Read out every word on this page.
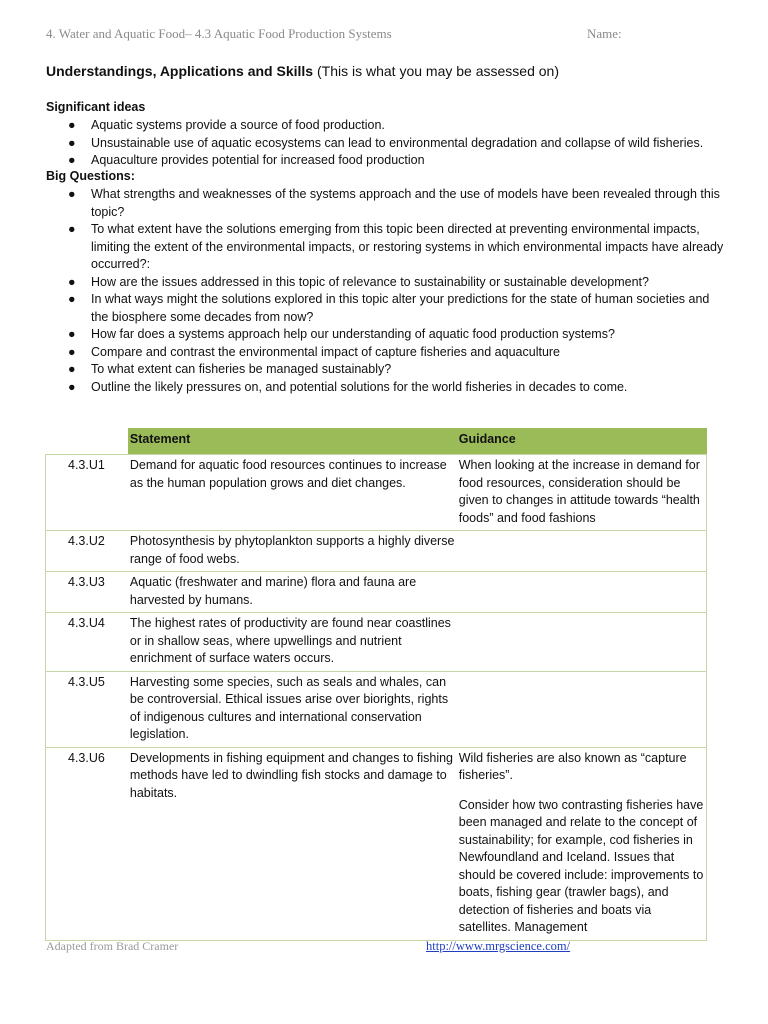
4. Water and Aquatic Food– 4.3 Aquatic Food Production Systems	Name:
Understandings, Applications and Skills (This is what you may be assessed on)
Significant ideas
● Aquatic systems provide a source of food production.
● Unsustainable use of aquatic ecosystems can lead to environmental degradation and collapse of wild fisheries.
● Aquaculture provides potential for increased food production
Big Questions:
● What strengths and weaknesses of the systems approach and the use of models have been revealed through this topic?
● To what extent have the solutions emerging from this topic been directed at preventing environmental impacts, limiting the extent of the environmental impacts, or restoring systems in which environmental impacts have already occurred?:
● How are the issues addressed in this topic of relevance to sustainability or sustainable development?
● In what ways might the solutions explored in this topic alter your predictions for the state of human societies and the biosphere some decades from now?
● How far does a systems approach help our understanding of aquatic food production systems?
● Compare and contrast the environmental impact of capture fisheries and aquaculture
● To what extent can fisheries be managed sustainably?
● Outline the likely pressures on, and potential solutions for the world fisheries in decades to come.
	Statement	Guidance
4.3.U1	Demand for aquatic food resources continues to increase as the human population grows and diet changes.	When looking at the increase in demand for food resources, consideration should be given to changes in attitude towards “health foods” and food fashions

4.3.U2	Photosynthesis by phytoplankton supports a highly diverse range of food webs.	
4.3.U3	Aquatic (freshwater and marine) flora and fauna are harvested by humans.	
4.3.U4	The highest rates of productivity are found near coastlines or in shallow seas, where upwellings and nutrient enrichment of surface waters occurs.	
4.3.U5	Harvesting some species, such as seals and whales, can be controversial. Ethical issues arise over biorights, rights of indigenous cultures and international conservation legislation.	
4.3.U6	Developments in fishing equipment and changes to fishing methods have led to dwindling fish stocks and damage to habitats.	Wild fisheries are also known as “capture fisheries”.

Consider how two contrasting fisheries have been managed and relate to the concept of sustainability; for example, cod fisheries in Newfoundland and Iceland. Issues that should be covered include: improvements to boats, fishing gear (trawler bags), and detection of fisheries and boats via satellites. Management

Adapted from Brad Cramer	http://www.mrgscience.com/
